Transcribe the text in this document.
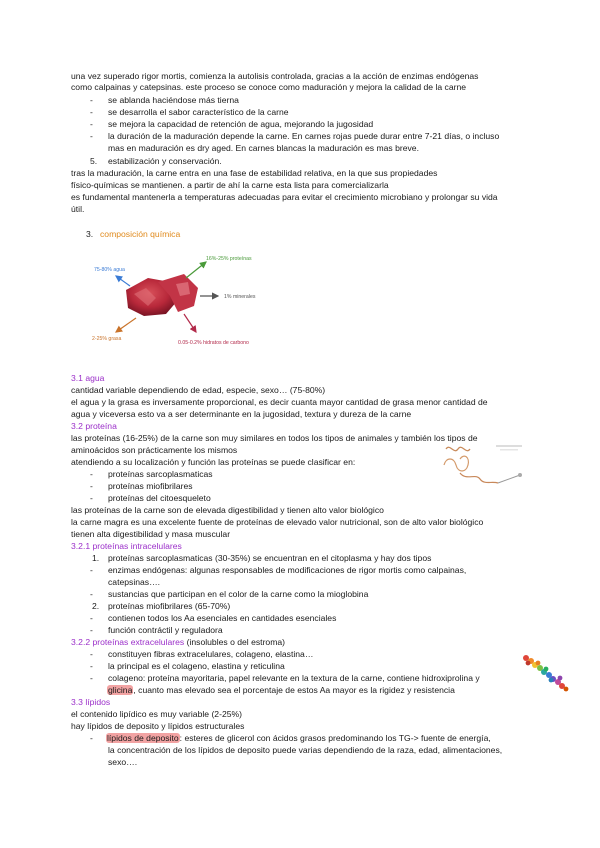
una vez superado rigor mortis, comienza la autolisis controlada, gracias a la acción de enzimas endógenas
como calpainas y catepsinas. este proceso se conoce como maduración y mejora la calidad de la carne
- se ablanda haciéndose más tierna
- se desarrolla el sabor característico de la carne
- se mejora la capacidad de retención de agua, mejorando la jugosidad
- la duración de la maduración depende la carne. En carnes rojas puede durar entre 7-21 días, o incluso
mas en maduración es dry aged. En carnes blancas la maduración es mas breve.
5. estabilización y conservación.
tras la maduración, la carne entra en una fase de estabilidad relativa, en la que sus propiedades
físico-químicas se mantienen. a partir de ahí la carne esta lista para comercializarla
es fundamental mantenerla a temperaturas adecuadas para evitar el crecimiento microbiano y prolongar su vida
útil.
3. composición química
75-80% agua
16%-25% proteínas
1% minerales
2-25% grasa
0.05-0.2% hidratos de carbono
3.1 agua
cantidad variable dependiendo de edad, especie, sexo… (75-80%)
el agua y la grasa es inversamente proporcional, es decir cuanta mayor cantidad de grasa menor cantidad de
agua y viceversa esto va a ser determinante en la jugosidad, textura y dureza de la carne
3.2 proteína
las proteínas (16-25%) de la carne son muy similares en todos los tipos de animales y también los tipos de
aminoácidos son prácticamente los mismos
atendiendo a su localización y función las proteínas se puede clasificar en:
- proteínas sarcoplasmaticas
- proteínas miofibrilares
- proteínas del citoesqueleto
las proteínas de la carne son de elevada digestibilidad y tienen alto valor biológico
la carne magra es una excelente fuente de proteínas de elevado valor nutricional, son de alto valor biológico
tienen alta digestibilidad y masa muscular
3.2.1 proteínas intracelulares
1. proteínas sarcoplasmaticas (30-35%) se encuentran en el citoplasma y hay dos tipos
- enzimas endógenas: algunas responsables de modificaciones de rigor mortis como calpainas,
catepsinas….
- sustancias que participan en el color de la carne como la mioglobina
2. proteínas miofibrilares (65-70%)
- contienen todos los Aa esenciales en cantidades esenciales
- función contráctil y reguladora
3.2.2 proteínas extracelulares (insolubles o del estroma)
- constituyen fibras extracelulares, colageno, elastina…
- la principal es el colageno, elastina y reticulina
- colageno: proteína mayoritaria, papel relevante en la textura de la carne, contiene hidroxiprolina y
glicina, cuanto mas elevado sea el porcentaje de estos Aa mayor es la rigidez y resistencia
3.3 lípidos
el contenido lipídico es muy variable (2-25%)
hay lípidos de deposito y lípidos estructurales
- lípidos de deposito: esteres de glicerol con ácidos grasos predominando los TG-> fuente de energía,
la concentración de los lípidos de deposito puede varias dependiendo de la raza, edad, alimentaciones,
sexo….
